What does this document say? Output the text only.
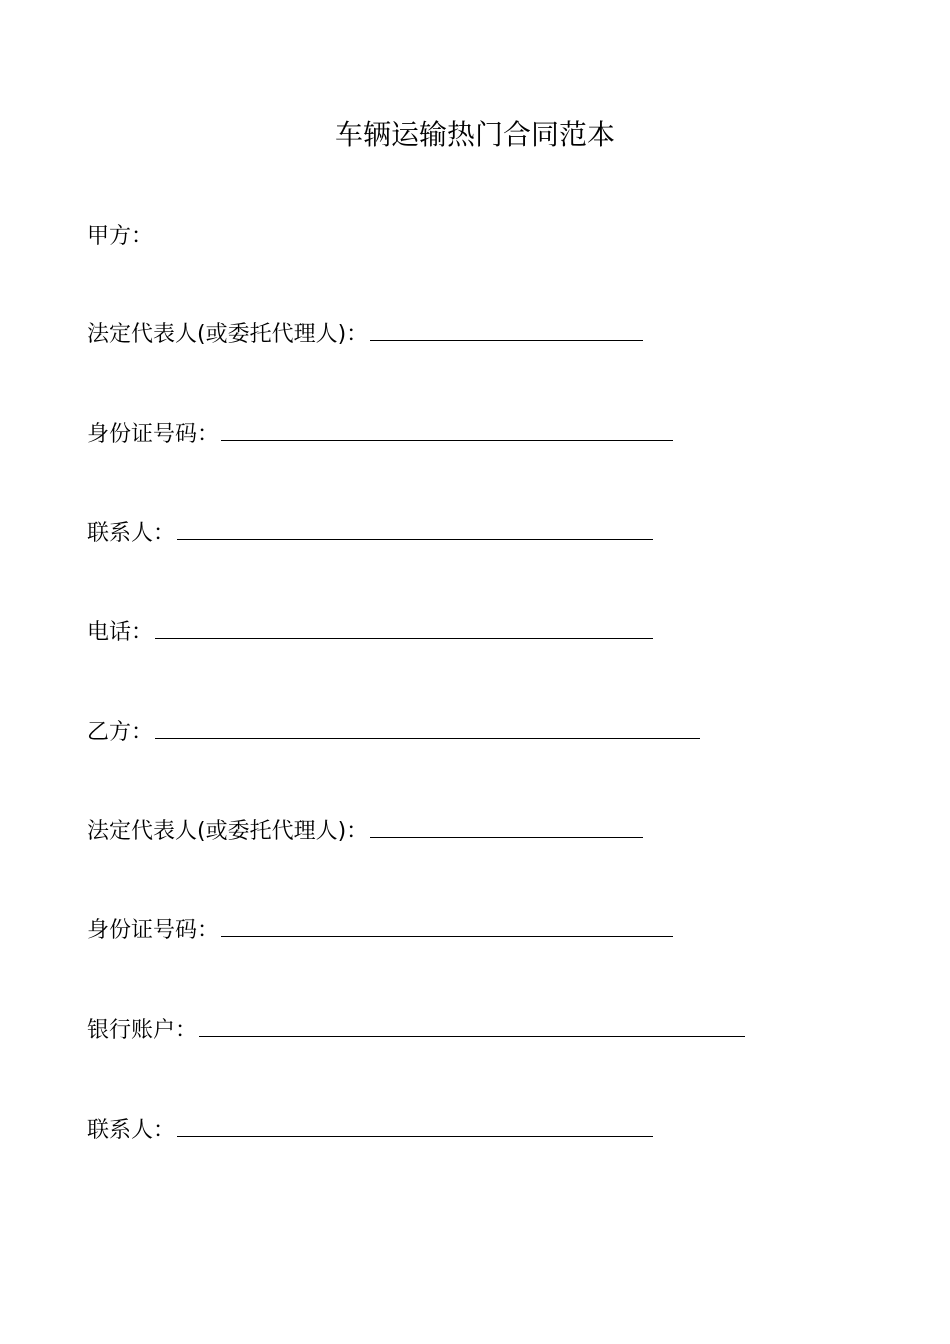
车辆运输热门合同范本
甲方：
法定代表人(或委托代理人)：
身份证号码：
联系人：
电话：
乙方：
法定代表人(或委托代理人)：
身份证号码：
银行账户：
联系人：
